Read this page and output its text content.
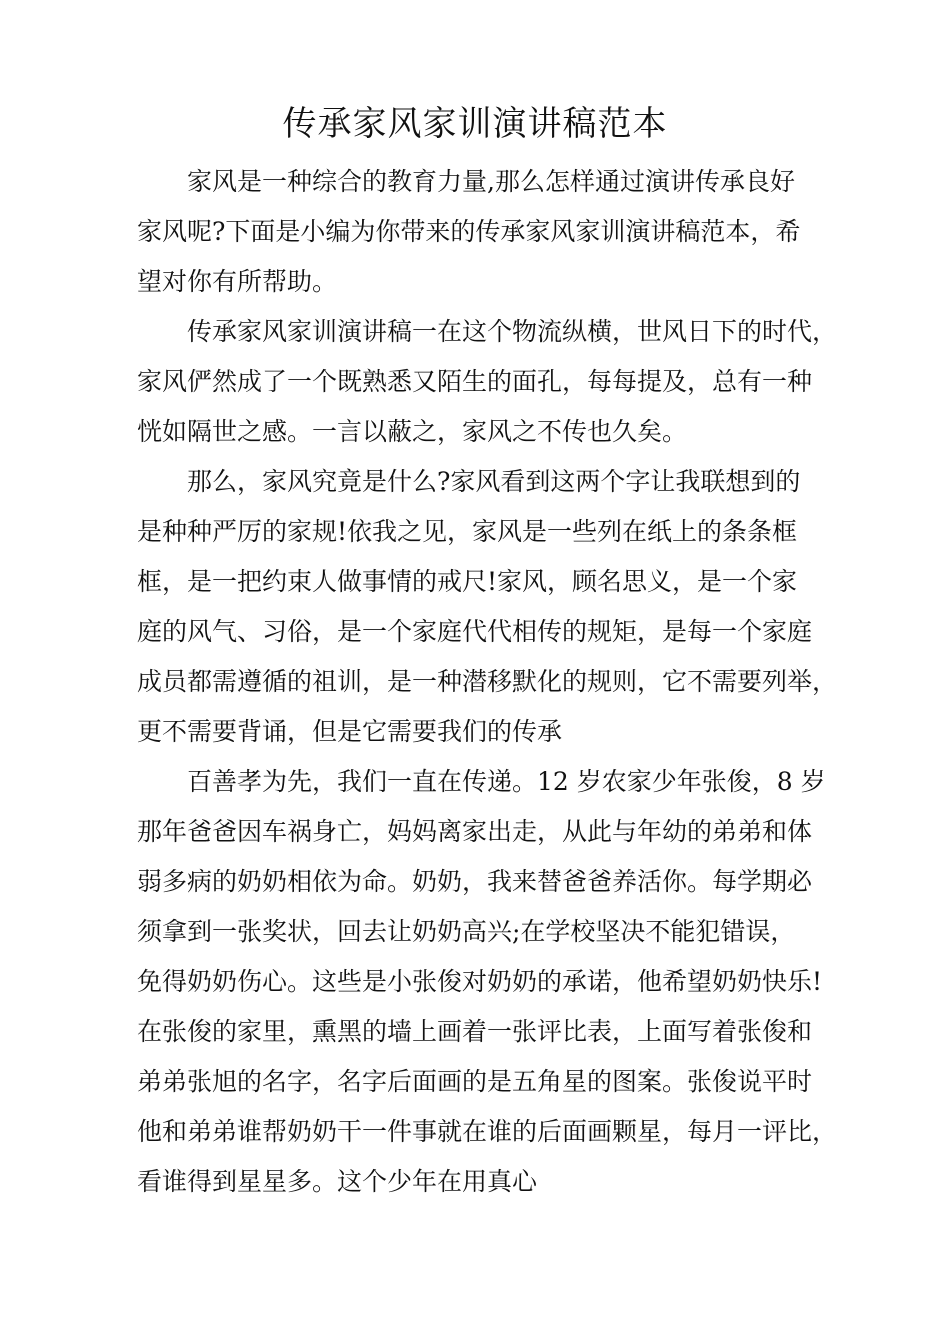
传承家风家训演讲稿范本

家风是一种综合的教育力量,那么怎样通过演讲传承良好

家风呢?下面是小编为你带来的传承家风家训演讲稿范本，希

望对你有所帮助。

传承家风家训演讲稿一在这个物流纵横，世风日下的时代，

家风俨然成了一个既熟悉又陌生的面孔，每每提及，总有一种

恍如隔世之感。一言以蔽之，家风之不传也久矣。

那么，家风究竟是什么?家风看到这两个字让我联想到的

是种种严厉的家规!依我之见，家风是一些列在纸上的条条框

框，是一把约束人做事情的戒尺!家风，顾名思义，是一个家

庭的风气、习俗，是一个家庭代代相传的规矩，是每一个家庭

成员都需遵循的祖训，是一种潜移默化的规则，它不需要列举，

更不需要背诵，但是它需要我们的传承

百善孝为先，我们一直在传递。12 岁农家少年张俊，8 岁

那年爸爸因车祸身亡，妈妈离家出走，从此与年幼的弟弟和体

弱多病的奶奶相依为命。奶奶，我来替爸爸养活你。每学期必

须拿到一张奖状，回去让奶奶高兴;在学校坚决不能犯错误，

免得奶奶伤心。这些是小张俊对奶奶的承诺，他希望奶奶快乐!

在张俊的家里，熏黑的墙上画着一张评比表，上面写着张俊和

弟弟张旭的名字，名字后面画的是五角星的图案。张俊说平时

他和弟弟谁帮奶奶干一件事就在谁的后面画颗星，每月一评比，

看谁得到星星多。这个少年在用真心
